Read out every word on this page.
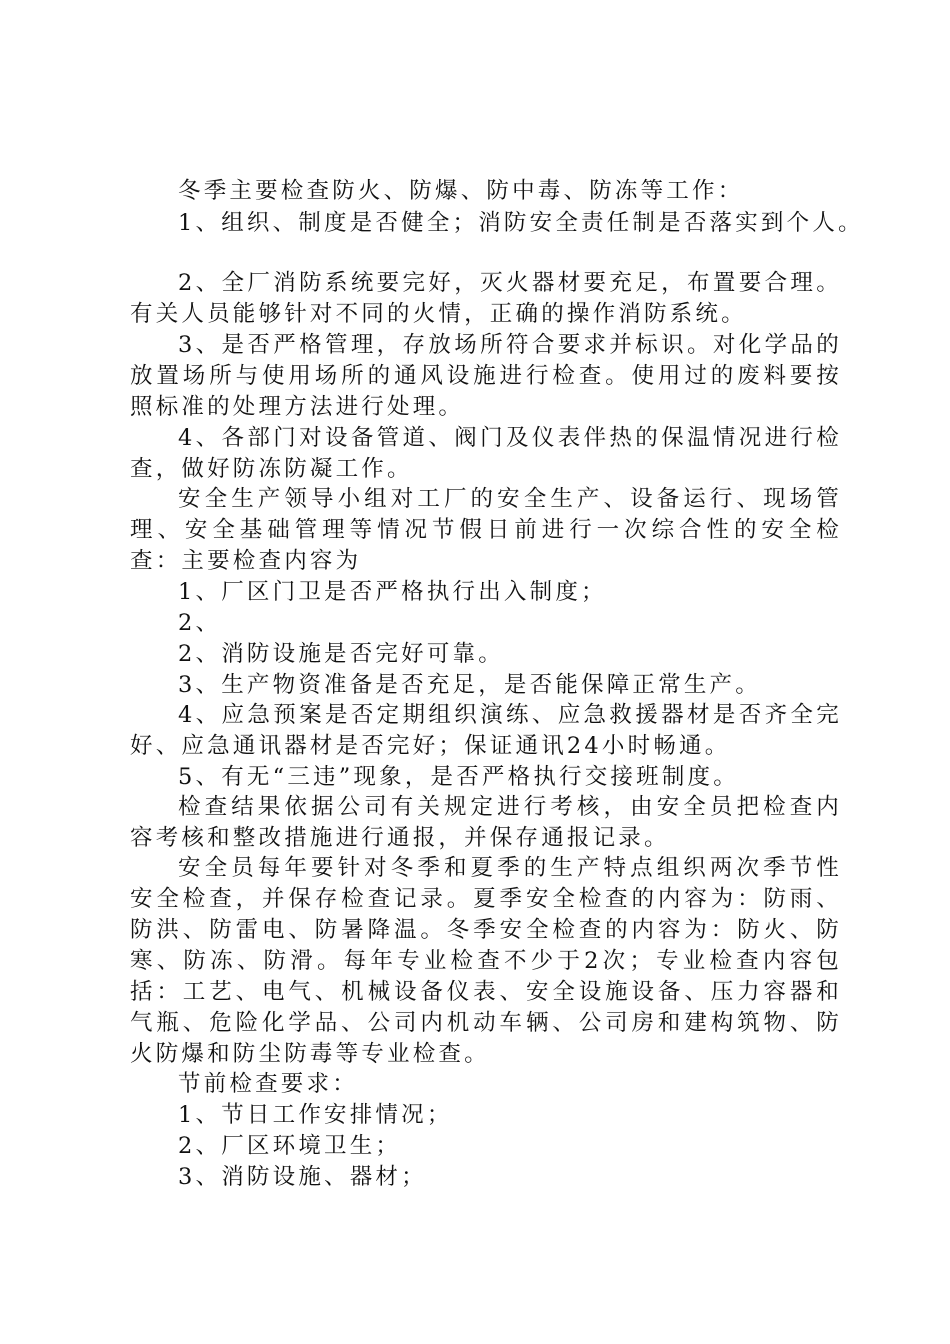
冬季主要检查防火、防爆、防中毒、防冻等工作：
1、组织、制度是否健全；消防安全责任制是否落实到个人。
2、全厂消防系统要完好，灭火器材要充足，布置要合理。有关人员能够针对不同的火情，正确的操作消防系统。
3、是否严格管理，存放场所符合要求并标识。对化学品的放置场所与使用场所的通风设施进行检查。使用过的废料要按照标准的处理方法进行处理。
4、各部门对设备管道、阀门及仪表伴热的保温情况进行检查，做好防冻防凝工作。
安全生产领导小组对工厂的安全生产、设备运行、现场管理、安全基础管理等情况节假日前进行一次综合性的安全检查：主要检查内容为
1、厂区门卫是否严格执行出入制度；
2、
2、消防设施是否完好可靠。
3、生产物资准备是否充足，是否能保障正常生产。
4、应急预案是否定期组织演练、应急救援器材是否齐全完好、应急通讯器材是否完好；保证通讯24小时畅通。
5、有无“三违”现象，是否严格执行交接班制度。
检查结果依据公司有关规定进行考核，由安全员把检查内容考核和整改措施进行通报，并保存通报记录。
安全员每年要针对冬季和夏季的生产特点组织两次季节性安全检查，并保存检查记录。夏季安全检查的内容为：防雨、防洪、防雷电、防暑降温。冬季安全检查的内容为：防火、防寒、防冻、防滑。每年专业检查不少于2次；专业检查内容包括：工艺、电气、机械设备仪表、安全设施设备、压力容器和气瓶、危险化学品、公司内机动车辆、公司房和建构筑物、防火防爆和防尘防毒等专业检查。
节前检查要求：
1、节日工作安排情况；
2、厂区环境卫生；
3、消防设施、器材；
